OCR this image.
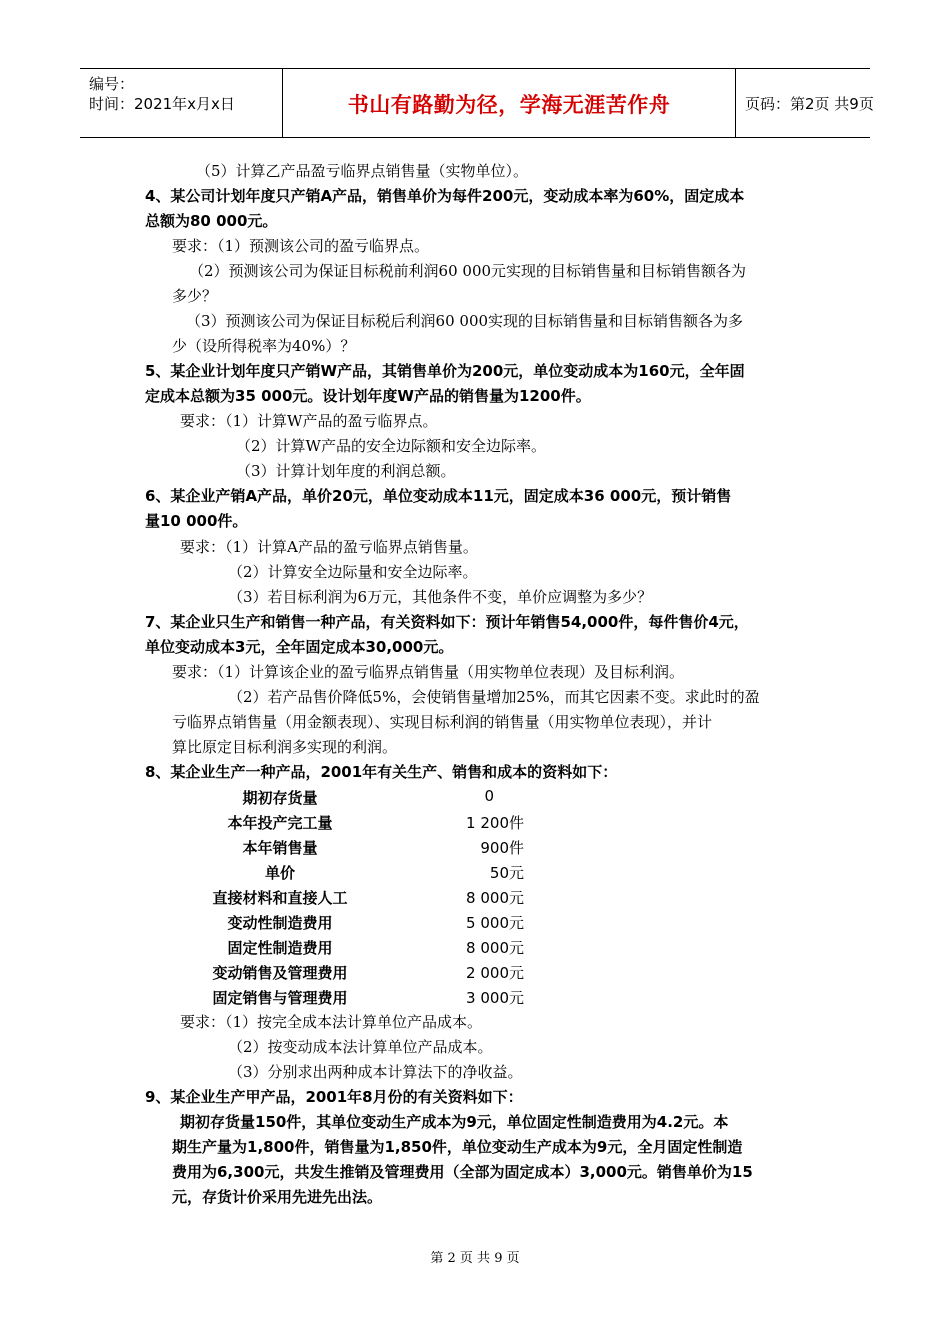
编号：
时间：2021年x月x日	书山有路勤为径，学海无涯苦作舟	页码：第2页 共9页
（5）计算乙产品盈亏临界点销售量（实物单位）。
4、某公司计划年度只产销A产品，销售单价为每件200元，变动成本率为60%，固定成本
总额为80 000元。
要求：（1）预测该公司的盈亏临界点。
（2）预测该公司为保证目标税前利润60 000元实现的目标销售量和目标销售额各为
多少？
（3）预测该公司为保证目标税后利润60 000实现的目标销售量和目标销售额各为多
少（设所得税率为40%）？
5、某企业计划年度只产销W产品，其销售单价为200元，单位变动成本为160元，全年固
定成本总额为35 000元。设计划年度W产品的销售量为1200件。
要求：（1）计算W产品的盈亏临界点。
（2）计算W产品的安全边际额和安全边际率。
（3）计算计划年度的利润总额。
6、某企业产销A产品，单价20元，单位变动成本11元，固定成本36 000元，预计销售
量10 000件。
要求：（1）计算A产品的盈亏临界点销售量。
（2）计算安全边际量和安全边际率。
（3）若目标利润为6万元，其他条件不变，单价应调整为多少？
7、某企业只生产和销售一种产品，有关资料如下：预计年销售54,000件，每件售价4元，
单位变动成本3元，全年固定成本30,000元。
要求：（1）计算该企业的盈亏临界点销售量（用实物单位表现）及目标利润。
（2）若产品售价降低5%，会使销售量增加25%，而其它因素不变。求此时的盈
亏临界点销售量（用金额表现）、实现目标利润的销售量（用实物单位表现），并计
算比原定目标利润多实现的利润。
8、某企业生产一种产品，2001年有关生产、销售和成本的资料如下：
期初存货量	0
本年投产完工量	1 200件
本年销售量	900件
单价	50元
直接材料和直接人工	8 000元
变动性制造费用	5 000元
固定性制造费用	8 000元
变动销售及管理费用	2 000元
固定销售与管理费用	3 000元
要求：（1）按完全成本法计算单位产品成本。
（2）按变动成本法计算单位产品成本。
（3）分别求出两种成本计算法下的净收益。
9、某企业生产甲产品，2001年8月份的有关资料如下：
期初存货量150件，其单位变动生产成本为9元，单位固定性制造费用为4.2元。本
期生产量为1,800件，销售量为1,850件，单位变动生产成本为9元，全月固定性制造
费用为6,300元，共发生推销及管理费用（全部为固定成本）3,000元。销售单价为15
元，存货计价采用先进先出法。
第 2 页 共 9 页
